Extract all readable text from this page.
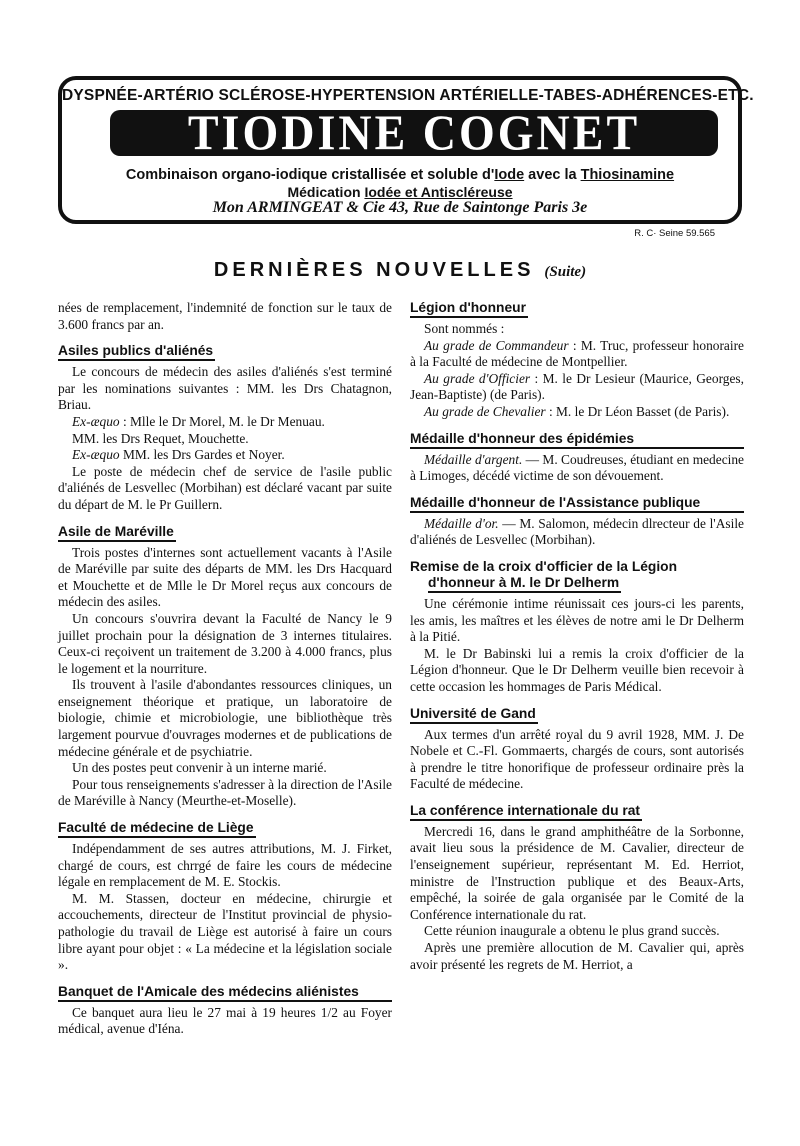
DYSPNÉE-ARTÉRIO SCLÉROSE-HYPERTENSION ARTÉRIELLE-TABES-ADHÉRENCES-ETC.
TIODINE COGNET
Combinaison organo-iodique cristallisée et soluble d'Iode avec la Thiosinamine
Médication Iodée et Antiscléreuse
Mon ARMINGEAT & Cie 43, Rue de Saintonge Paris 3e
R. C· Seine 59.565
DERNIÈRES NOUVELLES (Suite)

nées de remplacement, l'indemnité de fonction sur le taux de 3.600 francs par an.

Asiles publics d'aliénés

Le concours de médecin des asiles d'aliénés s'est terminé par les nominations suivantes : MM. les Drs Chatagnon, Briau.

Ex-æquo : Mlle le Dr Morel, M. le Dr Menuau.

MM. les Drs Requet, Mouchette.

Ex-æquo MM. les Drs Gardes et Noyer.

Le poste de médecin chef de service de l'asile public d'aliénés de Lesvellec (Morbihan) est déclaré vacant par suite du départ de M. le Pr Guillern.

Asile de Maréville

Trois postes d'internes sont actuellement vacants à l'Asile de Maréville par suite des départs de MM. les Drs Hacquard et Mouchette et de Mlle le Dr Morel reçus aux concours de médecin des asiles.

Un concours s'ouvrira devant la Faculté de Nancy le 9 juillet prochain pour la désignation de 3 internes titulaires. Ceux-ci reçoivent un traitement de 3.200 à 4.000 francs, plus le logement et la nourriture.

Ils trouvent à l'asile d'abondantes ressources cliniques, un enseignement théorique et pratique, un laboratoire de biologie, chimie et microbiologie, une bibliothèque très largement pourvue d'ouvrages modernes et de publications de médecine générale et de psychiatrie.

Un des postes peut convenir à un interne marié.

Pour tous renseignements s'adresser à la direction de l'Asile de Maréville à Nancy (Meurthe-et-Moselle).

Faculté de médecine de Liège

Indépendamment de ses autres attributions, M. J. Firket, chargé de cours, est chrrgé de faire les cours de médecine légale en remplacement de M. E. Stockis.

M. M. Stassen, docteur en médecine, chirurgie et accouchements, directeur de l'Institut provincial de physio-pathologie du travail de Liège est autorisé à faire un cours libre ayant pour objet : « La médecine et la législation sociale ».

Banquet de l'Amicale des médecins aliénistes

Ce banquet aura lieu le 27 mai à 19 heures 1/2 au Foyer médical, avenue d'Iéna.

Légion d'honneur

Sont nommés :

Au grade de Commandeur : M. Truc, professeur honoraire à la Faculté de médecine de Montpellier.

Au grade d'Officier : M. le Dr Lesieur (Maurice, Georges, Jean-Baptiste) (de Paris).

Au grade de Chevalier : M. le Dr Léon Basset (de Paris).

Médaille d'honneur des épidémies

Médaille d'argent. — M. Coudreuses, étudiant en medecine à Limoges, décédé victime de son dévouement.

Médaille d'honneur de l'Assistance publique

Médaille d'or. — M. Salomon, médecin dlrecteur de l'Asile d'aliénés de Lesvellec (Morbihan).

Remise de la croix d'officier de la Légion
d'honneur à M. le Dr Delherm

Une cérémonie intime réunissait ces jours-ci les parents, les amis, les maîtres et les élèves de notre ami le Dr Delherm à la Pitié.

M. le Dr Babinski lui a remis la croix d'officier de la Légion d'honneur. Que le Dr Delherm veuille bien recevoir à cette occasion les hommages de Paris Médical.

Université de Gand

Aux termes d'un arrêté royal du 9 avril 1928, MM. J. De Nobele et C.-Fl. Gommaerts, chargés de cours, sont autorisés à prendre le titre honorifique de professeur ordinaire près la Faculté de médecine.

La conférence internationale du rat

Mercredi 16, dans le grand amphithéâtre de la Sorbonne, avait lieu sous la présidence de M. Cavalier, directeur de l'enseignement supérieur, représentant M. Ed. Herriot, ministre de l'Instruction publique et des Beaux-Arts, empêché, la soirée de gala organisée par le Comité de la Conférence internationale du rat.

Cette réunion inaugurale a obtenu le plus grand succès.

Après une première allocution de M. Cavalier qui, après avoir présenté les regrets de M. Herriot, a
